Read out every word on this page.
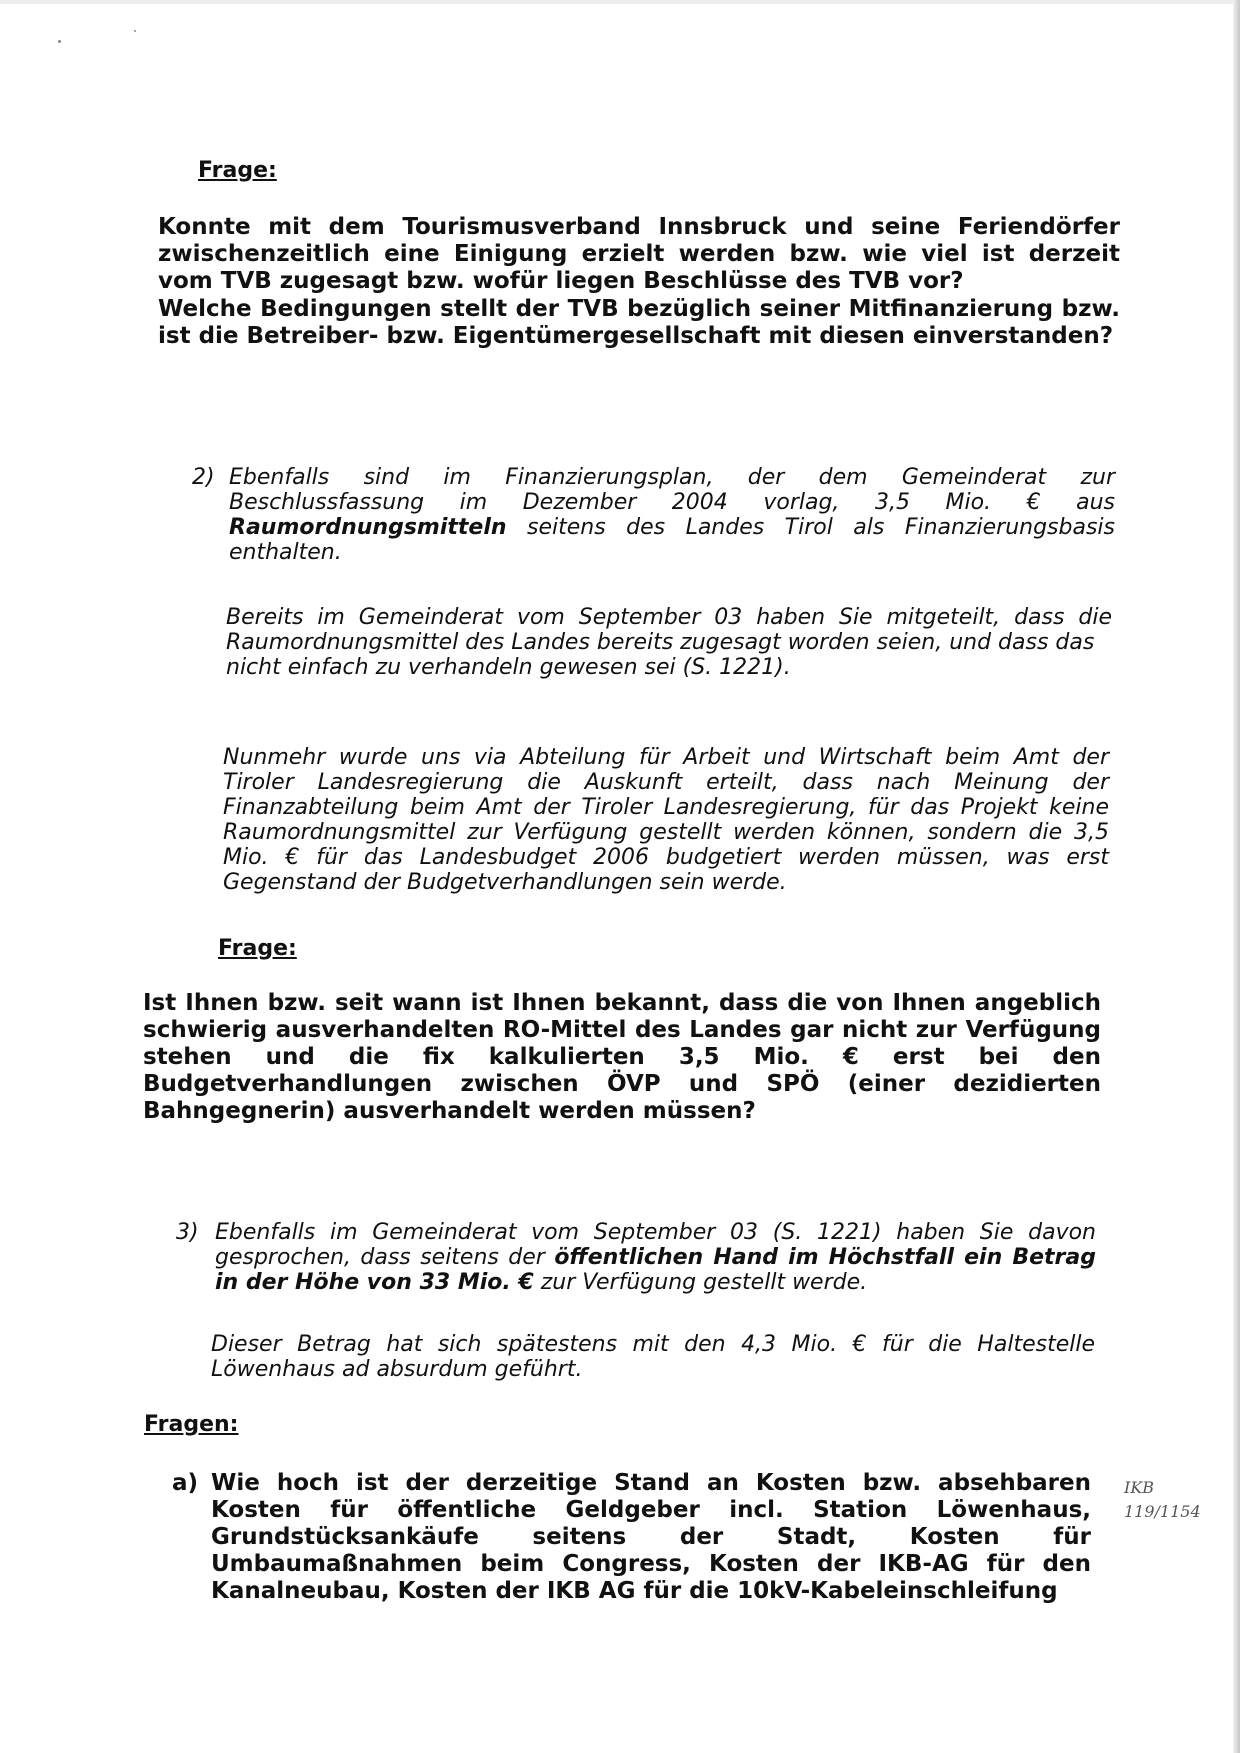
Frage:
Konnte mit dem Tourismusverband Innsbruck und seine Feriendörfer zwischenzeitlich eine Einigung erzielt werden bzw. wie viel ist derzeit vom TVB zugesagt bzw. wofür liegen Beschlüsse des TVB vor?
Welche Bedingungen stellt der TVB bezüglich seiner Mitfinanzierung bzw. ist die Betreiber- bzw. Eigentümergesellschaft mit diesen einverstanden?
2) Ebenfalls sind im Finanzierungsplan, der dem Gemeinderat zur Beschlussfassung im Dezember 2004 vorlag, 3,5 Mio. € aus Raumordnungsmitteln seitens des Landes Tirol als Finanzierungsbasis enthalten.
Bereits im Gemeinderat vom September 03 haben Sie mitgeteilt, dass die Raumordnungsmittel des Landes bereits zugesagt worden seien, und dass das
nicht einfach zu verhandeln gewesen sei (S. 1221).
Nunmehr wurde uns via Abteilung für Arbeit und Wirtschaft beim Amt der Tiroler Landesregierung die Auskunft erteilt, dass nach Meinung der Finanzabteilung beim Amt der Tiroler Landesregierung, für das Projekt keine Raumordnungsmittel zur Verfügung gestellt werden können, sondern die 3,5 Mio. € für das Landesbudget 2006 budgetiert werden müssen, was erst Gegenstand der Budgetverhandlungen sein werde.
Frage:
Ist Ihnen bzw. seit wann ist Ihnen bekannt, dass die von Ihnen angeblich schwierig ausverhandelten RO-Mittel des Landes gar nicht zur Verfügung stehen und die fix kalkulierten 3,5 Mio. € erst bei den Budgetverhandlungen zwischen ÖVP und SPÖ (einer dezidierten Bahngegnerin) ausverhandelt werden müssen?
3) Ebenfalls im Gemeinderat vom September 03 (S. 1221) haben Sie davon gesprochen, dass seitens der öffentlichen Hand im Höchstfall ein Betrag in der Höhe von 33 Mio. € zur Verfügung gestellt werde.
Dieser Betrag hat sich spätestens mit den 4,3 Mio. € für die Haltestelle Löwenhaus ad absurdum geführt.
Fragen:
a) Wie hoch ist der derzeitige Stand an Kosten bzw. absehbaren Kosten für öffentliche Geldgeber incl. Station Löwenhaus, Grundstücksankäufe seitens der Stadt, Kosten für Umbaumaßnahmen beim Congress, Kosten der IKB-AG für den Kanalneubau, Kosten der IKB AG für die 10kV-Kabeleinschleifung
IKB
119/1154
